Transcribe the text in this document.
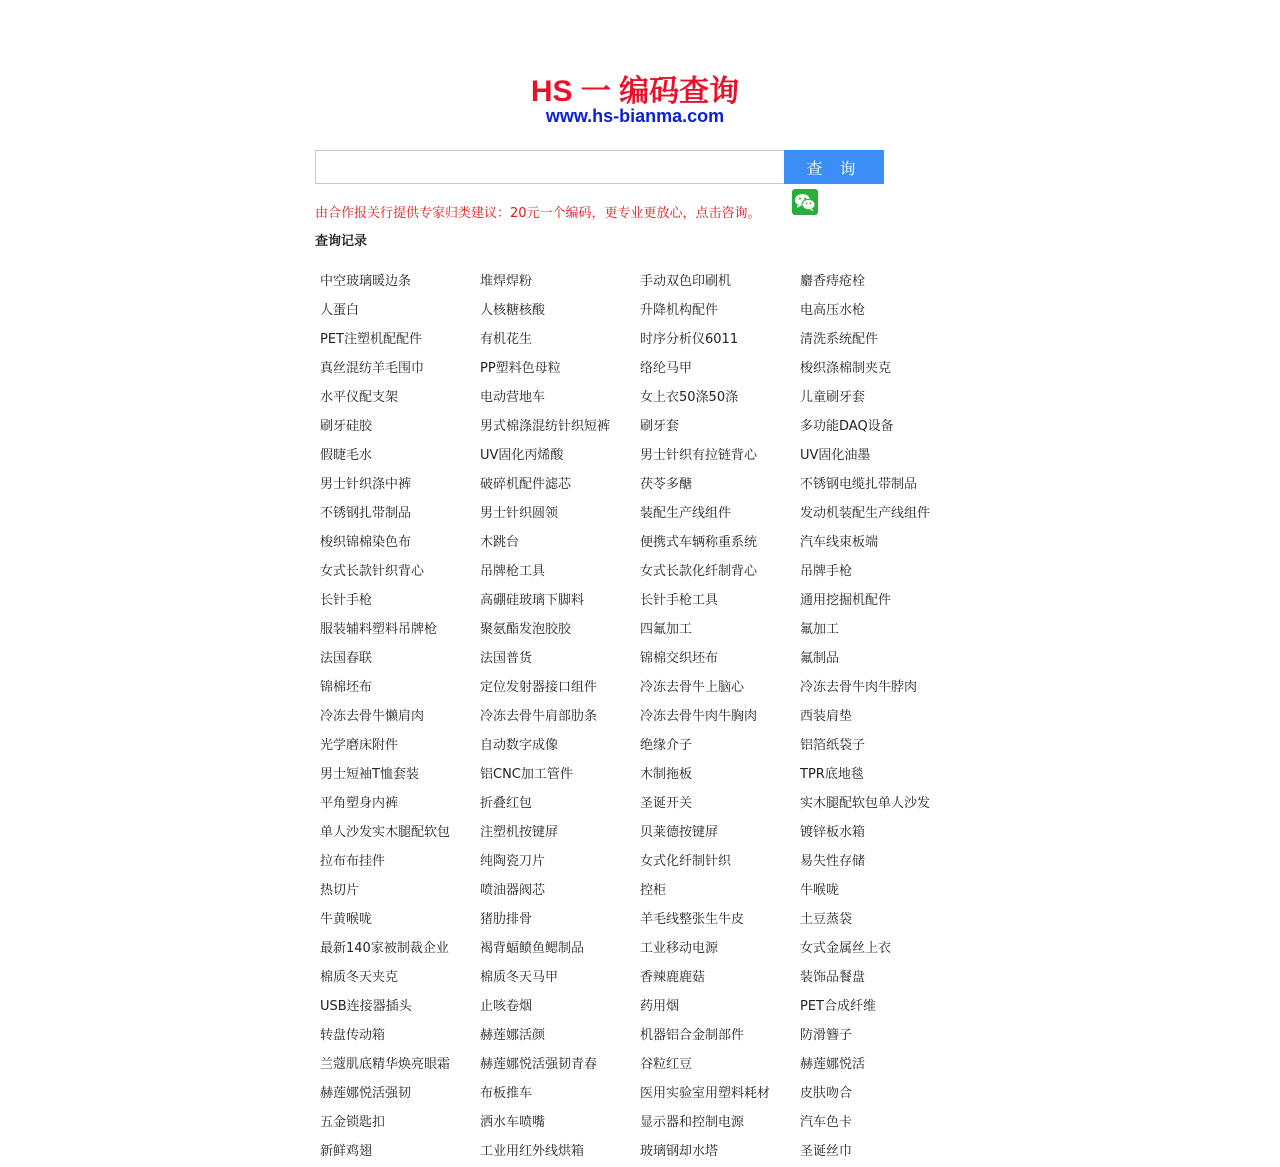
HS 一 编码查询
www.hs-bianma.com
查 询
由合作报关行提供专家归类建议：20元一个编码，更专业更放心，点击咨询。
查询记录
中空玻璃暖边条	堆焊焊粉	手动双色印刷机	麝香痔疮栓
人蛋白	人核糖核酸	升降机构配件	电高压水枪
PET注塑机配配件	有机花生	时序分析仪6011	清洗系统配件
真丝混纺羊毛围巾	PP塑料色母粒	络纶马甲	梭织涤棉制夹克
水平仪配支架	电动营地车	女上衣50涤50涤	儿童刷牙套
刷牙硅胶	男式棉涤混纺针织短裤	刷牙套	多功能DAQ设备
假睫毛水	UV固化丙烯酸	男士针织有拉链背心	UV固化油墨
男士针织涤中裤	破碎机配件滤芯	茯苓多醣	不锈钢电缆扎带制品
不锈钢扎带制品	男士针织圆领	装配生产线组件	发动机装配生产线组件
梭织锦棉染色布	木跳台	便携式车辆称重系统	汽车线束板端
女式长款针织背心	吊牌枪工具	女式长款化纤制背心	吊牌手枪
长针手枪	高硼硅玻璃下脚料	长针手枪工具	通用挖掘机配件
服装辅料塑料吊牌枪	聚氨酯发泡胶胶	四氟加工	氟加工
法国春联	法国普货	锦棉交织坯布	氟制品
锦棉坯布	定位发射器接口组件	冷冻去骨牛上脑心	冷冻去骨牛肉牛脖肉
冷冻去骨牛懒肩肉	冷冻去骨牛肩部肋条	冷冻去骨牛肉牛胸肉	西装肩垫
光学磨床附件	自动数字成像	绝缘介子	铝箔纸袋子
男士短袖T恤套装	铝CNC加工管件	木制拖板	TPR底地毯
平角塑身内裤	折叠红包	圣诞开关	实木腿配软包单人沙发
单人沙发实木腿配软包	注塑机按键屏	贝莱德按键屏	镀锌板水箱
拉布布挂件	纯陶瓷刀片	女式化纤制针织	易失性存储
热切片	喷油器阀芯	控柜	牛喉咙
牛黄喉咙	猪肋排骨	羊毛线整张生牛皮	土豆蒸袋
最新140家被制裁企业	褐背蝠鲼鱼鳃制品	工业移动电源	女式金属丝上衣
棉质冬天夹克	棉质冬天马甲	香辣鹿鹿菇	装饰品餐盘
USB连接器插头	止咳卷烟	药用烟	PET合成纤维
转盘传动箱	赫莲娜活颜	机器铝合金制部件	防滑簪子
兰蔻肌底精华焕亮眼霜	赫莲娜悦活强韧青春	谷粒红豆	赫莲娜悦活
赫莲娜悦活强韧	布板推车	医用实验室用塑料耗材	皮肤吻合
五金锁匙扣	洒水车喷嘴	显示器和控制电源	汽车色卡
新鲜鸡翅	工业用红外线烘箱	玻璃钢却水塔	圣诞丝巾
